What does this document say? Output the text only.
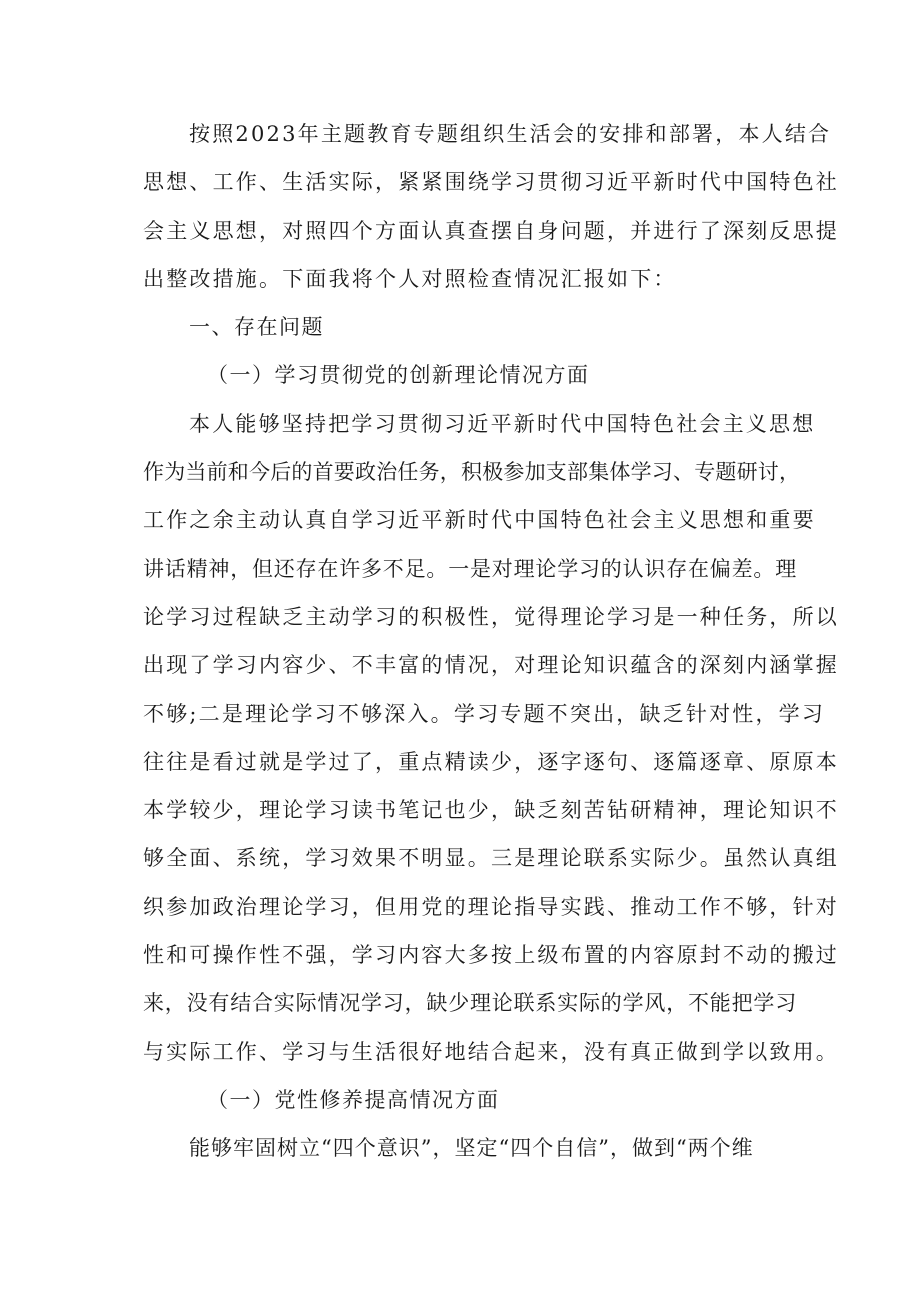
按照2023年主题教育专题组织生活会的安排和部署，本人结合
思想、工作、生活实际，紧紧围绕学习贯彻习近平新时代中国特色社
会主义思想，对照四个方面认真查摆自身问题，并进行了深刻反思提
出整改措施。下面我将个人对照检查情况汇报如下：
一、存在问题
（一）学习贯彻党的创新理论情况方面
本人能够坚持把学习贯彻习近平新时代中国特色社会主义思想
作为当前和今后的首要政治任务，积极参加支部集体学习、专题研讨，
工作之余主动认真自学习近平新时代中国特色社会主义思想和重要
讲话精神，但还存在许多不足。一是对理论学习的认识存在偏差。理
论学习过程缺乏主动学习的积极性，觉得理论学习是一种任务，所以
出现了学习内容少、不丰富的情况，对理论知识蕴含的深刻内涵掌握
不够;二是理论学习不够深入。学习专题不突出，缺乏针对性，学习
往往是看过就是学过了，重点精读少，逐字逐句、逐篇逐章、原原本
本学较少，理论学习读书笔记也少，缺乏刻苦钻研精神，理论知识不
够全面、系统，学习效果不明显。三是理论联系实际少。虽然认真组
织参加政治理论学习，但用党的理论指导实践、推动工作不够，针对
性和可操作性不强，学习内容大多按上级布置的内容原封不动的搬过
来，没有结合实际情况学习，缺少理论联系实际的学风，不能把学习
与实际工作、学习与生活很好地结合起来，没有真正做到学以致用。
（一）党性修养提高情况方面
能够牢固树立“四个意识”，坚定“四个自信”，做到“两个维
